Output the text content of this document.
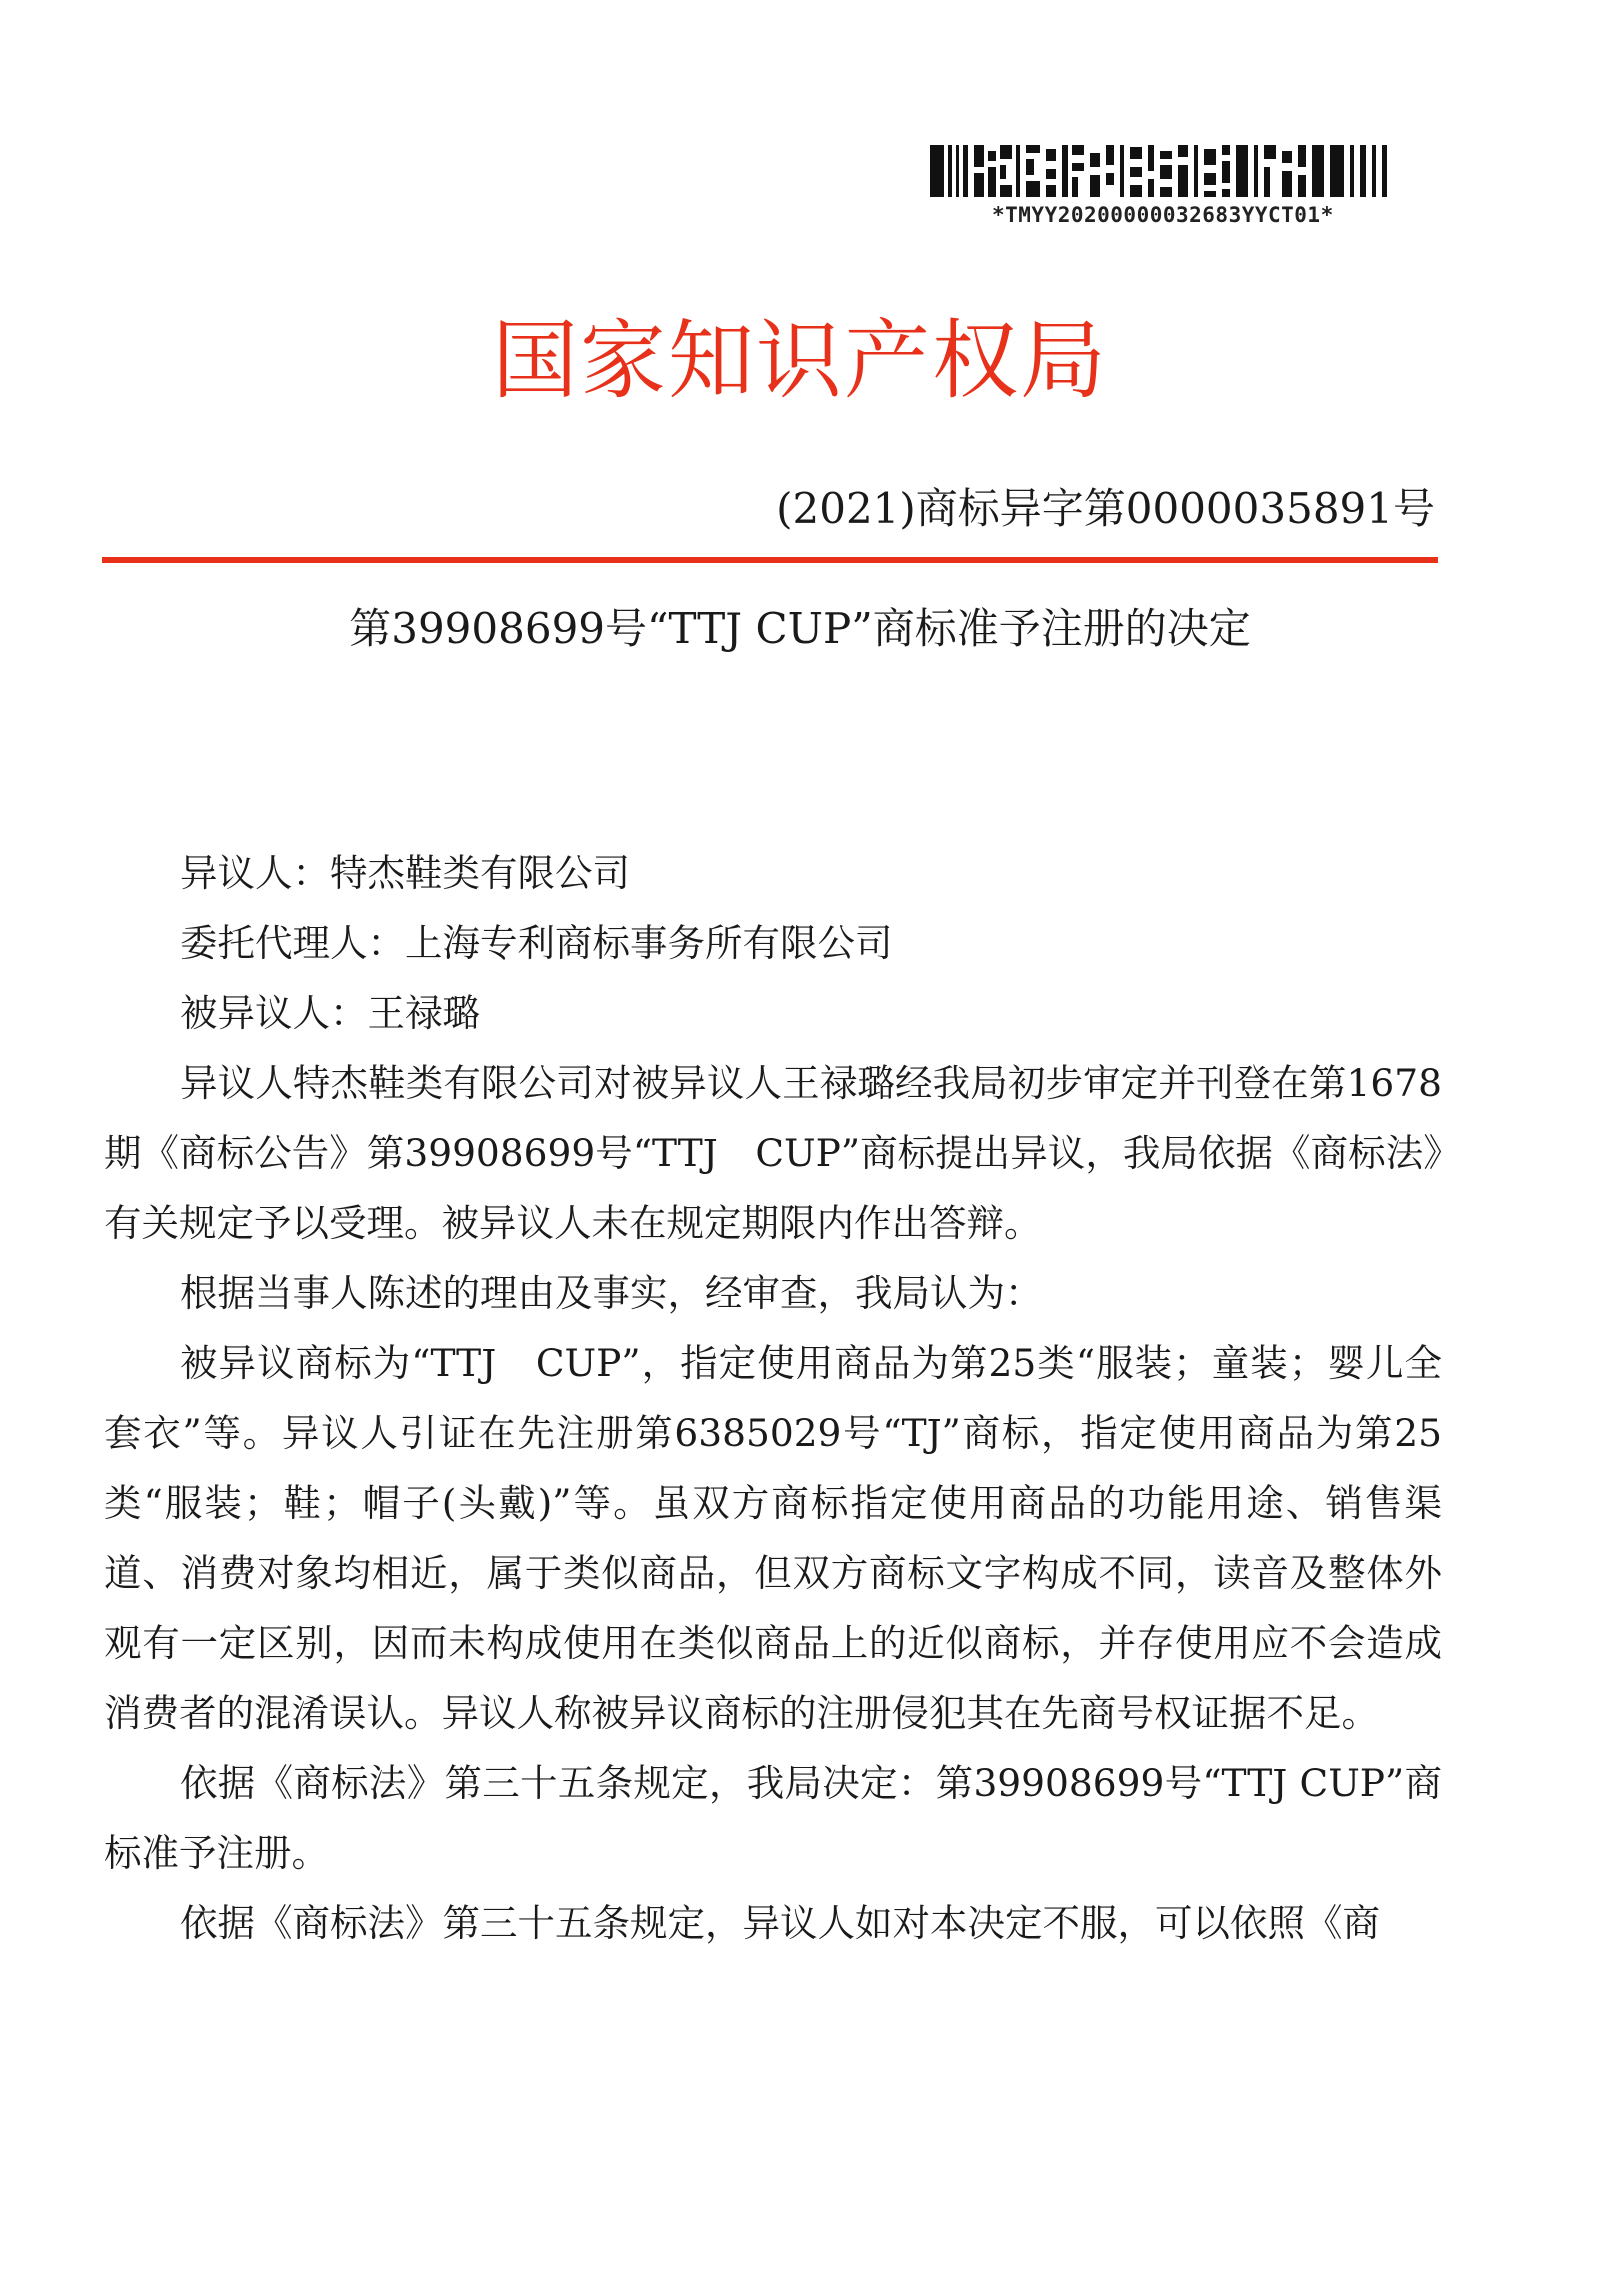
*TMYY20200000032683YYCT01*
国家知识产权局
(2021)商标异字第0000035891号
第39908699号“TTJ CUP”商标准予注册的决定

异议人：特杰鞋类有限公司

委托代理人：上海专利商标事务所有限公司

被异议人：王禄璐

异议人特杰鞋类有限公司对被异议人王禄璐经我局初步审定并刊登在第1678期《商标公告》第39908699号“TTJ　CUP”商标提出异议，我局依据《商标法》有关规定予以受理。被异议人未在规定期限内作出答辩。

根据当事人陈述的理由及事实，经审查，我局认为：

被异议商标为“TTJ　CUP”，指定使用商品为第25类“服装；童装；婴儿全套衣”等。异议人引证在先注册第6385029号“TJ”商标，指定使用商品为第25类“服装；鞋；帽子(头戴)”等。虽双方商标指定使用商品的功能用途、销售渠道、消费对象均相近，属于类似商品，但双方商标文字构成不同，读音及整体外观有一定区别，因而未构成使用在类似商品上的近似商标，并存使用应不会造成消费者的混淆误认。异议人称被异议商标的注册侵犯其在先商号权证据不足。

依据《商标法》第三十五条规定，我局决定：第39908699号“TTJ CUP”商标准予注册。

依据《商标法》第三十五条规定，异议人如对本决定不服，可以依照《商
